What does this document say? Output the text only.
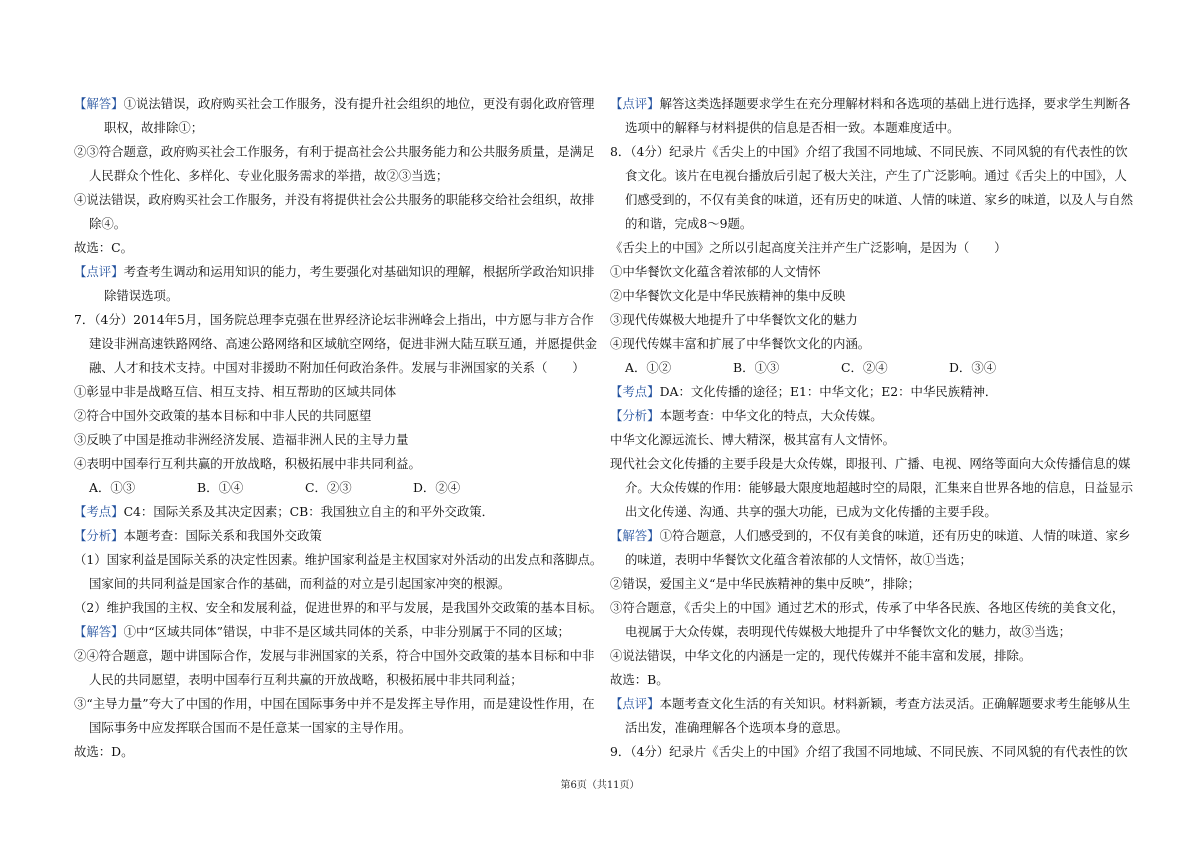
【解答】①说法错误，政府购买社会工作服务，没有提升社会组织的地位，更没有弱化政府管理
职权，故排除①；
②③符合题意，政府购买社会工作服务，有利于提高社会公共服务能力和公共服务质量，是满足
人民群众个性化、多样化、专业化服务需求的举措，故②③当选；
④说法错误，政府购买社会工作服务，并没有将提供社会公共服务的职能移交给社会组织，故排
除④。
故选：C。
【点评】考查考生调动和运用知识的能力，考生要强化对基础知识的理解，根据所学政治知识排
除错误选项。
7．（4分）2014年5月，国务院总理李克强在世界经济论坛非洲峰会上指出，中方愿与非方合作
建设非洲高速铁路网络、高速公路网络和区域航空网络，促进非洲大陆互联互通，并愿提供金
融、人才和技术支持。中国对非援助不附加任何政治条件。发展与非洲国家的关系（　　）
①彰显中非是战略互信、相互支持、相互帮助的区域共同体
②符合中国外交政策的基本目标和中非人民的共同愿望
③反映了中国是推动非洲经济发展、造福非洲人民的主导力量
④表明中国奉行互利共赢的开放战略，积极拓展中非共同利益。
A．①③	B．①④	C．②③	D．②④
【考点】C4：国际关系及其决定因素；CB：我国独立自主的和平外交政策．
【分析】本题考查：国际关系和我国外交政策
（1）国家利益是国际关系的决定性因素。维护国家利益是主权国家对外活动的出发点和落脚点。
国家间的共同利益是国家合作的基础，而利益的对立是引起国家冲突的根源。
（2）维护我国的主权、安全和发展利益，促进世界的和平与发展，是我国外交政策的基本目标。
【解答】①中“区域共同体”错误，中非不是区域共同体的关系，中非分别属于不同的区域；
②④符合题意，题中讲国际合作，发展与非洲国家的关系，符合中国外交政策的基本目标和中非
人民的共同愿望，表明中国奉行互利共赢的开放战略，积极拓展中非共同利益；
③“主导力量”夸大了中国的作用，中国在国际事务中并不是发挥主导作用，而是建设性作用，在
国际事务中应发挥联合国而不是任意某一国家的主导作用。
故选：D。
【点评】解答这类选择题要求学生在充分理解材料和各选项的基础上进行选择，要求学生判断各
选项中的解释与材料提供的信息是否相一致。本题难度适中。
8．（4分）纪录片《舌尖上的中国》介绍了我国不同地域、不同民族、不同风貌的有代表性的饮
食文化。该片在电视台播放后引起了极大关注，产生了广泛影响。通过《舌尖上的中国》，人
们感受到的，不仅有美食的味道，还有历史的味道、人情的味道、家乡的味道，以及人与自然
的和谐，完成8～9题。
《舌尖上的中国》之所以引起高度关注并产生广泛影响，是因为（　　）
①中华餐饮文化蕴含着浓郁的人文情怀
②中华餐饮文化是中华民族精神的集中反映
③现代传媒极大地提升了中华餐饮文化的魅力
④现代传媒丰富和扩展了中华餐饮文化的内涵。
A．①②	B．①③	C．②④	D．③④
【考点】DA：文化传播的途径；E1：中华文化；E2：中华民族精神．
【分析】本题考查：中华文化的特点，大众传媒。
中华文化源远流长、博大精深，极其富有人文情怀。
现代社会文化传播的主要手段是大众传媒，即报刊、广播、电视、网络等面向大众传播信息的媒
介。大众传媒的作用：能够最大限度地超越时空的局限，汇集来自世界各地的信息，日益显示
出文化传递、沟通、共享的强大功能，已成为文化传播的主要手段。
【解答】①符合题意，人们感受到的，不仅有美食的味道，还有历史的味道、人情的味道、家乡
的味道，表明中华餐饮文化蕴含着浓郁的人文情怀，故①当选；
②错误，爱国主义“是中华民族精神的集中反映”，排除；
③符合题意，《舌尖上的中国》通过艺术的形式，传承了中华各民族、各地区传统的美食文化，
电视属于大众传媒，表明现代传媒极大地提升了中华餐饮文化的魅力，故③当选；
④说法错误，中华文化的内涵是一定的，现代传媒并不能丰富和发展，排除。
故选：B。
【点评】本题考查文化生活的有关知识。材料新颖，考查方法灵活。正确解题要求考生能够从生
活出发，准确理解各个选项本身的意思。
9．（4分）纪录片《舌尖上的中国》介绍了我国不同地域、不同民族、不同风貌的有代表性的饮
第6页（共11页）
